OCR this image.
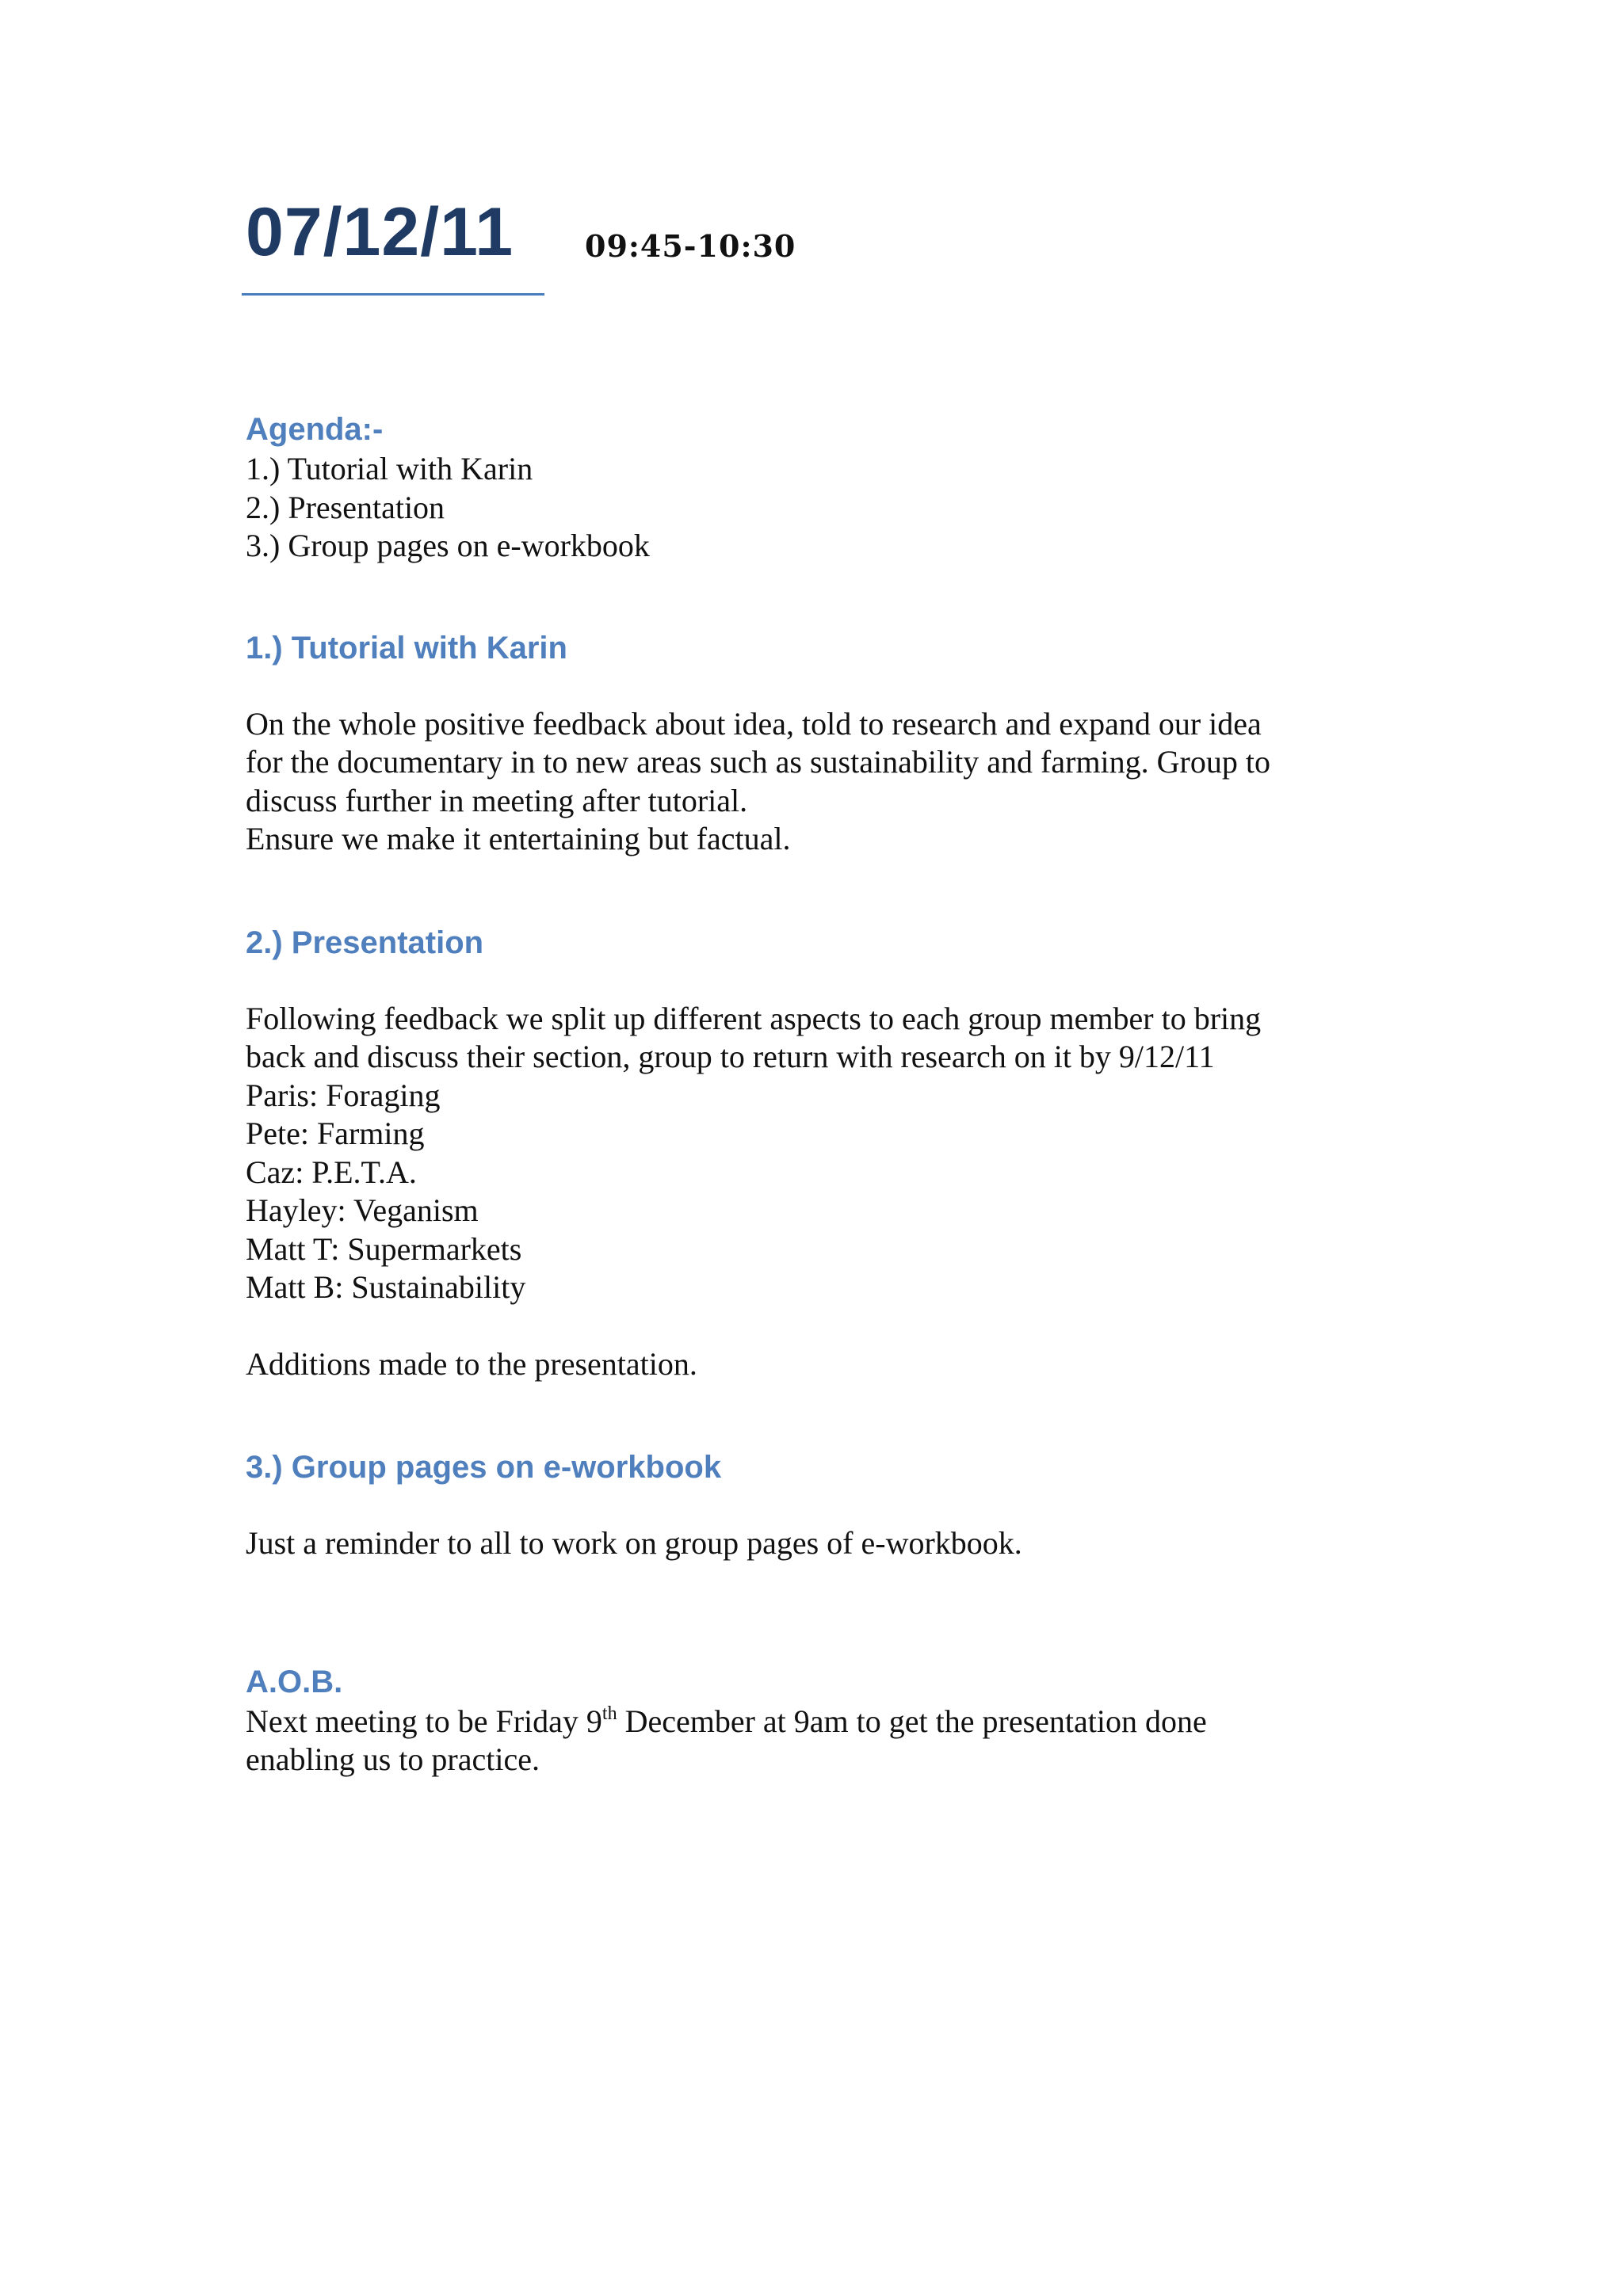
07/12/11 09:45-10:30

Agenda:-

1.) Tutorial with Karin
2.) Presentation
3.) Group pages on e-workbook

1.) Tutorial with Karin

On the whole positive feedback about idea, told to research and expand our idea
for the documentary in to new areas such as sustainability and farming. Group to
discuss further in meeting after tutorial.
Ensure we make it entertaining but factual.

2.) Presentation

Following feedback we split up different aspects to each group member to bring
back and discuss their section, group to return with research on it by 9/12/11
Paris: Foraging
Pete: Farming
Caz: P.E.T.A.
Hayley: Veganism
Matt T: Supermarkets
Matt B: Sustainability

Additions made to the presentation.

3.) Group pages on e-workbook

Just a reminder to all to work on group pages of e-workbook.

A.O.B.

Next meeting to be Friday 9th December at 9am to get the presentation done
enabling us to practice.
